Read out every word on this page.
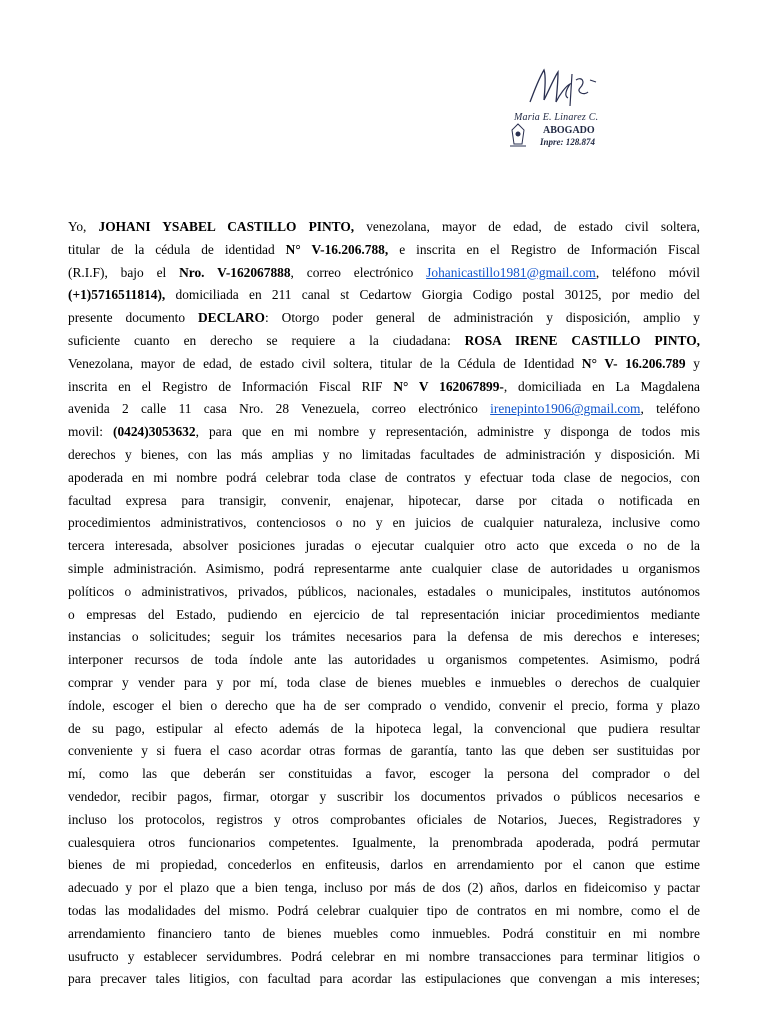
Maria E. Linarez C.
ABOGADO
Inpre: 128.874
Yo, JOHANI YSABEL CASTILLO PINTO, venezolana, mayor de edad, de estado civil soltera,
titular de la cédula de identidad N° V-16.206.788, e inscrita en el Registro de Información Fiscal
(R.I.F), bajo el Nro. V-162067888, correo electrónico Johanicastillo1981@gmail.com, teléfono móvil
(+1)5716511814), domiciliada en 211 canal st Cedartow Giorgia Codigo postal 30125, por medio del
presente documento DECLARO: Otorgo poder general de administración y disposición, amplio y
suficiente cuanto en derecho se requiere a la ciudadana: ROSA IRENE CASTILLO PINTO,
Venezolana, mayor de edad, de estado civil soltera, titular de la Cédula de Identidad N° V- 16.206.789 y
inscrita en el Registro de Información Fiscal RIF N° V 162067899-, domiciliada en La Magdalena
avenida 2 calle 11 casa Nro. 28 Venezuela, correo electrónico irenepinto1906@gmail.com, teléfono
movil: (0424)3053632, para que en mi nombre y representación, administre y disponga de todos mis
derechos y bienes, con las más amplias y no limitadas facultades de administración y disposición. Mi
apoderada en mi nombre podrá celebrar toda clase de contratos y efectuar toda clase de negocios, con
facultad expresa para transigir, convenir, enajenar, hipotecar, darse por citada o notificada en
procedimientos administrativos, contenciosos o no y en juicios de cualquier naturaleza, inclusive como
tercera interesada, absolver posiciones juradas o ejecutar cualquier otro acto que exceda o no de la
simple administración. Asimismo, podrá representarme ante cualquier clase de autoridades u organismos
políticos o administrativos, privados, públicos, nacionales, estadales o municipales, institutos autónomos
o empresas del Estado, pudiendo en ejercicio de tal representación iniciar procedimientos mediante
instancias o solicitudes; seguir los trámites necesarios para la defensa de mis derechos e intereses;
interponer recursos de toda índole ante las autoridades u organismos competentes. Asimismo, podrá
comprar y vender para y por mí, toda clase de bienes muebles e inmuebles o derechos de cualquier
índole, escoger el bien o derecho que ha de ser comprado o vendido, convenir el precio, forma y plazo
de su pago, estipular al efecto además de la hipoteca legal, la convencional que pudiera resultar
conveniente y si fuera el caso acordar otras formas de garantía, tanto las que deben ser sustituidas por
mí, como las que deberán ser constituidas a favor, escoger la persona del comprador o del
vendedor, recibir pagos, firmar, otorgar y suscribir los documentos privados o públicos necesarios e
incluso los protocolos, registros y otros comprobantes oficiales de Notarios, Jueces, Registradores y
cualesquiera otros funcionarios competentes. Igualmente, la prenombrada apoderada, podrá permutar
bienes de mi propiedad, concederlos en enfiteusis, darlos en arrendamiento por el canon que estime
adecuado y por el plazo que a bien tenga, incluso por más de dos (2) años, darlos en fideicomiso y pactar
todas las modalidades del mismo. Podrá celebrar cualquier tipo de contratos en mi nombre, como el de
arrendamiento financiero tanto de bienes muebles como inmuebles. Podrá constituir en mi nombre
usufructo y establecer servidumbres. Podrá celebrar en mi nombre transacciones para terminar litigios o
para precaver tales litigios, con facultad para acordar las estipulaciones que convengan a mis intereses;
